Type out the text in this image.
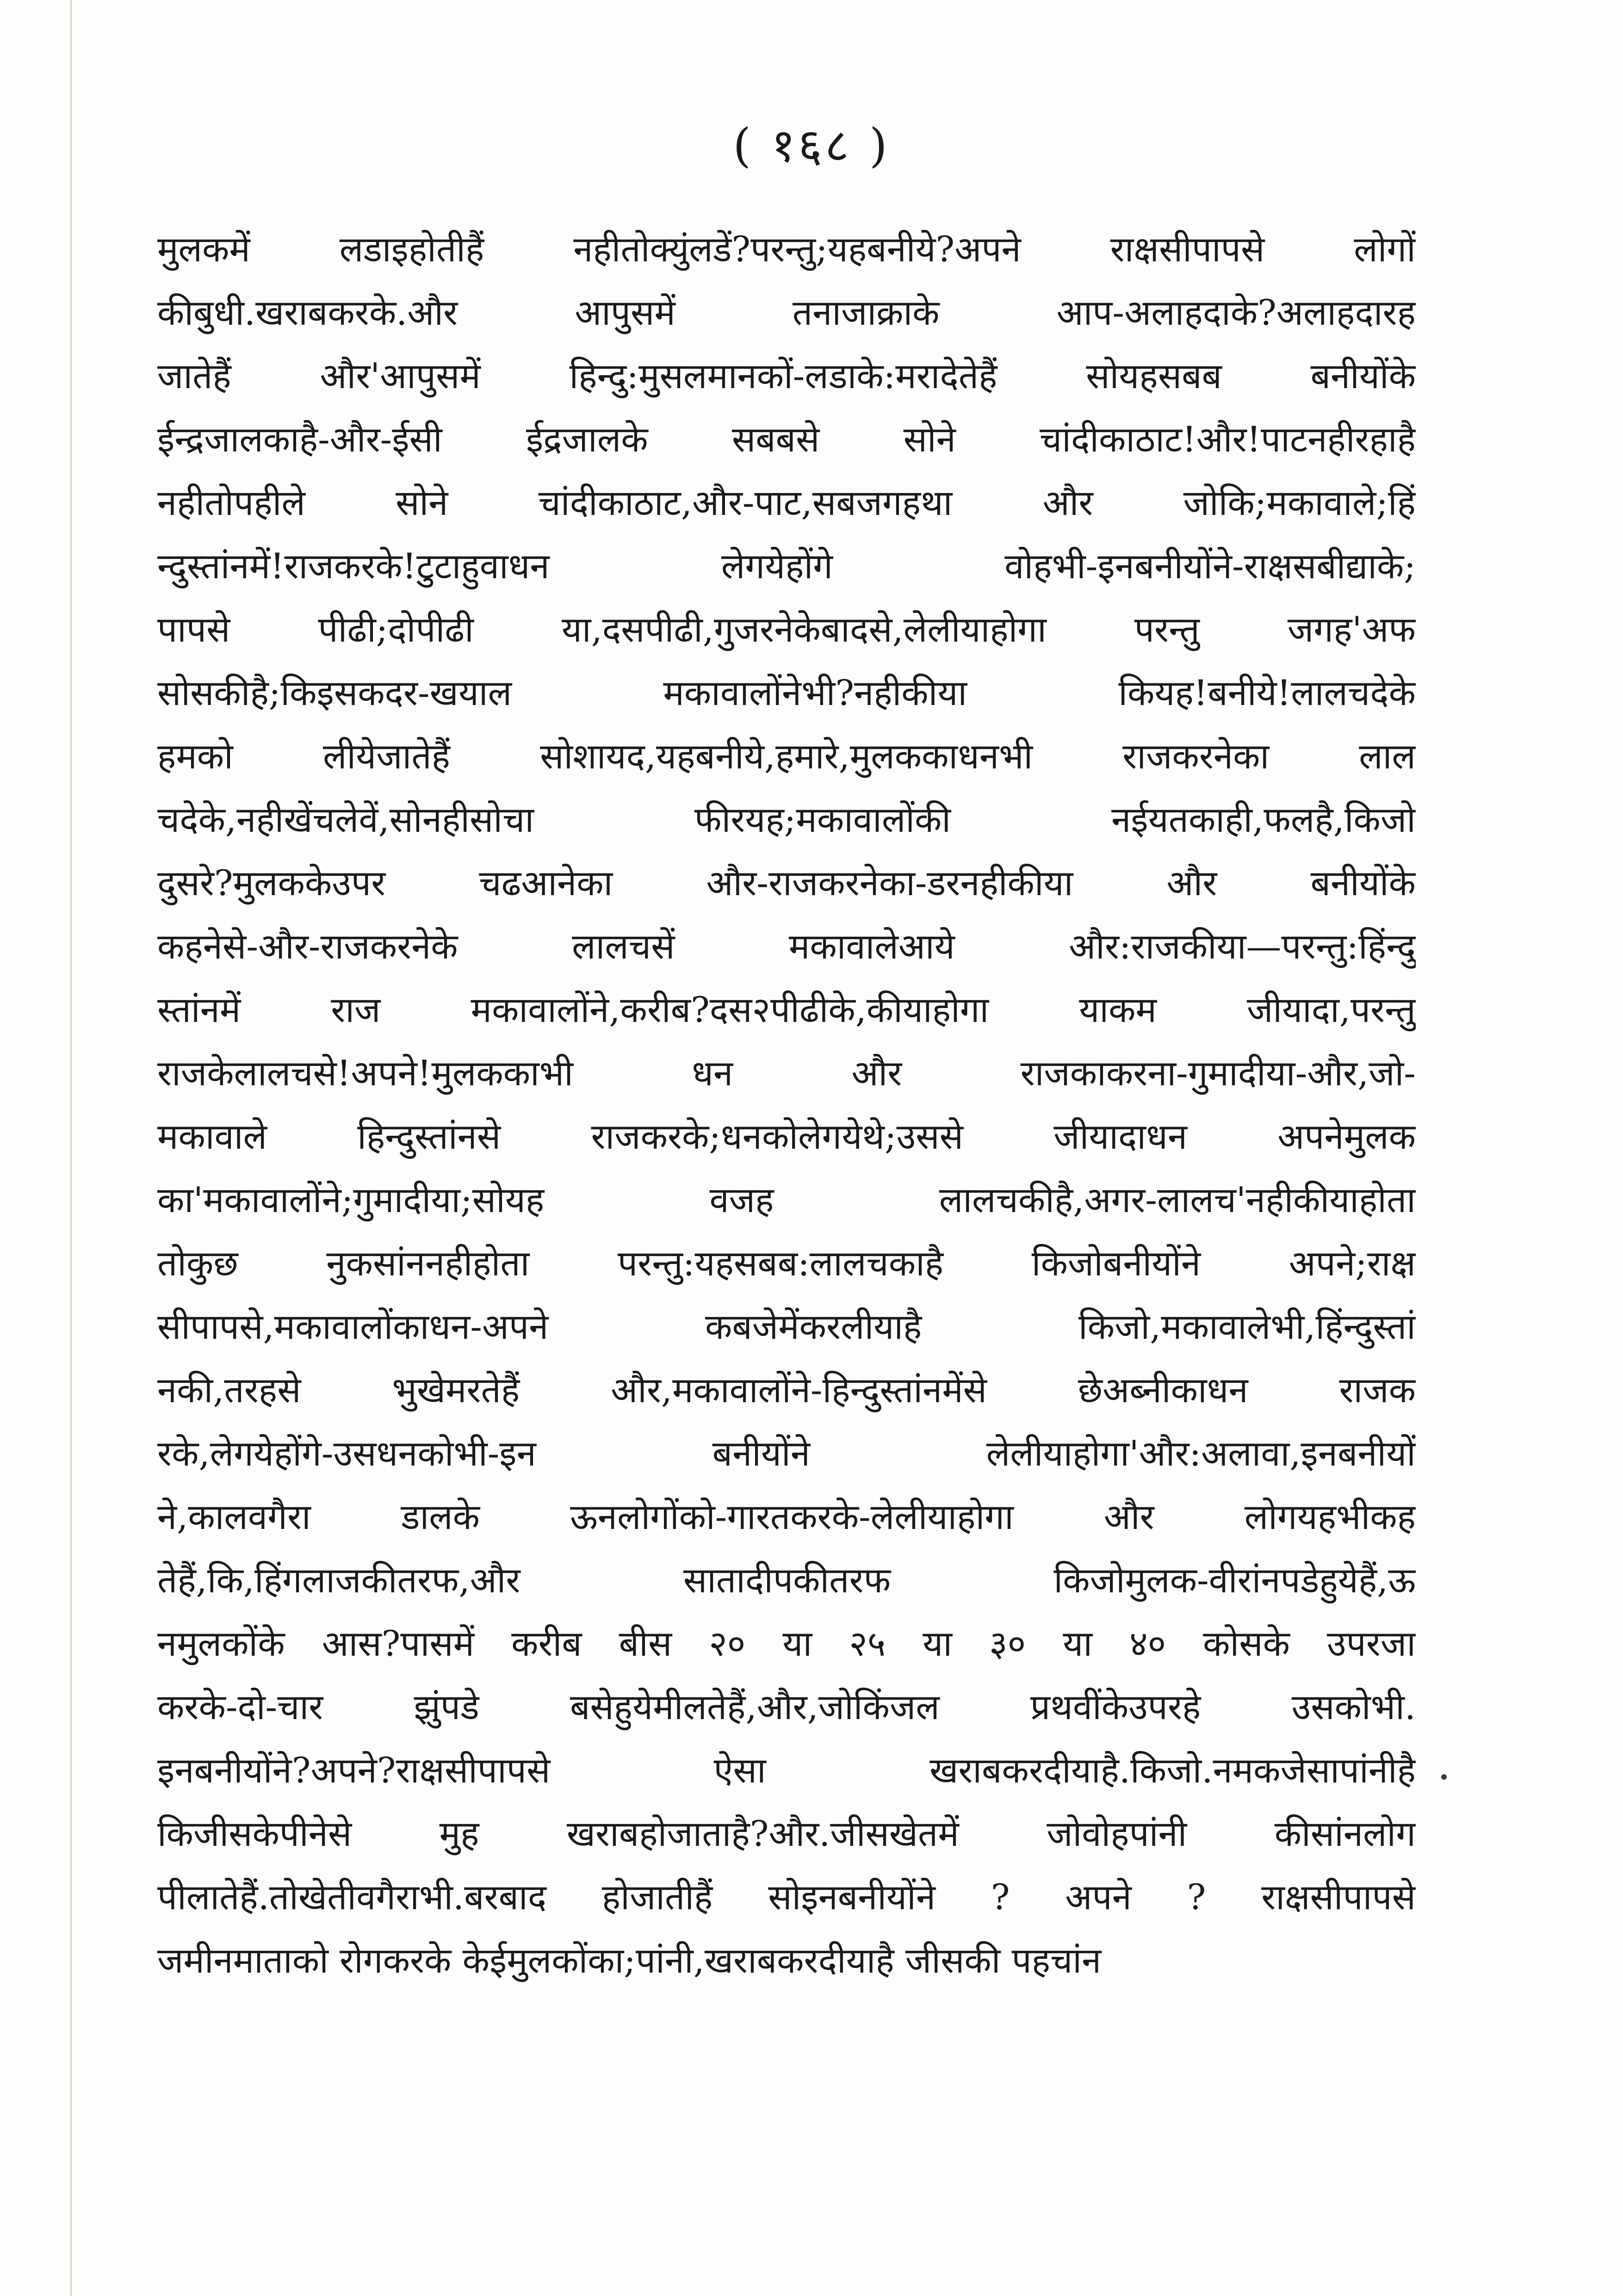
( १६८ )
मुलकमें लडाइहोतीहैं नहीतोक्युंलडें?परन्तु;यहबनीये?अपने राक्षसीपापसे लोगों
कीबुधी.खराबकरके.और आपुसमें तनाजाक्राके आप-अलाहदाके?अलाहदारह
जातेहैं और'आपुसमें हिन्दु:मुसलमानकों-लडाके:मरादेतेहैं सोयहसबब बनीयोंके
ईन्द्रजालकाहै-और-ईसी ईद्रजालके सबबसे सोने चांदीकाठाट!और!पाटनहीरहाहै
नहीतोपहीले सोने चांदीकाठाट,और-पाट,सबजगहथा और जोकि;मकावाले;हिं
न्दुस्तांनमें!राजकरके!टुटाहुवाधन लेगयेहोंगे वोहभी-इनबनीयोंने-राक्षसबीद्याके;
पापसे पीढी;दोपीढी या,दसपीढी,गुजरनेकेबादसे,लेलीयाहोगा परन्तु जगह'अफ
सोसकीहै;किइसकदर-खयाल मकावालोंनेभी?नहीकीया कियह!बनीये!लालचदेके
हमको लीयेजातेहैं सोशायद,यहबनीये,हमारे,मुलककाधनभी राजकरनेका लाल
चदेके,नहीखेंचलेवें,सोनहीसोचा फीरयह;मकावालोंकी नईयतकाही,फलहै,किजो
दुसरे?मुलककेउपर चढआनेका और-राजकरनेका-डरनहीकीया और बनीयोंके
कहनेसे-और-राजकरनेके लालचसें मकावालेआये और:राजकीया—परन्तु:हिंन्दु
स्तांनमें राज मकावालोंने,करीब?दस२पीढीके,कीयाहोगा याकम जीयादा,परन्तु
राजकेलालचसे!अपने!मुलककाभी धन और राजकाकरना-गुमादीया-और,जो-
मकावाले हिन्दुस्तांनसे राजकरके;धनकोलेगयेथे;उससे जीयादाधन अपनेमुलक
का'मकावालोंने;गुमादीया;सोयह वजह लालचकीहै,अगर-लालच'नहीकीयाहोता
तोकुछ नुकसांननहीहोता परन्तु:यहसबब:लालचकाहै किजोबनीयोंने अपने;राक्ष
सीपापसे,मकावालोंकाधन-अपने कबजेमेंकरलीयाहै किजो,मकावालेभी,हिंन्दुस्तां
नकी,तरहसे भुखेमरतेहैं और,मकावालोंने-हिन्दुस्तांनमेंसे छेअब्नीकाधन राजक
रके,लेगयेहोंगे-उसधनकोभी-इन बनीयोंने लेलीयाहोगा'और:अलावा,इनबनीयों
ने,कालवगैरा डालके ऊनलोगोंको-गारतकरके-लेलीयाहोगा और लोगयहभीकह
तेहैं,कि,हिंगलाजकीतरफ,और सातादीपकीतरफ किजोमुलक-वीरांनपडेहुयेहैं,ऊ
नमुलकोंके आस?पासमें करीब बीस २० या २५ या ३० या ४० कोसके उपरजा
करके-दो-चार झुंपडे बसेहुयेमीलतेहैं,और,जोकिंजल प्रथवींकेउपरहे उसकोभी.
इनबनीयोंने?अपने?राक्षसीपापसे ऐसा खराबकरदीयाहै.किजो.नमकजेसापांनीहै
किजीसकेपीनेसे मुह खराबहोजाताहै?और.जीसखेतमें जोवोहपांनी कीसांनलोग
पीलातेहैं.तोखेतीवगैराभी.बरबाद होजातीहैं सोइनबनीयोंने ? अपने ? राक्षसीपापसे
जमीनमाताको रोगकरके केईमुलकोंका;पांनी,खराबकरदीयाहै जीसकी पहचांन
